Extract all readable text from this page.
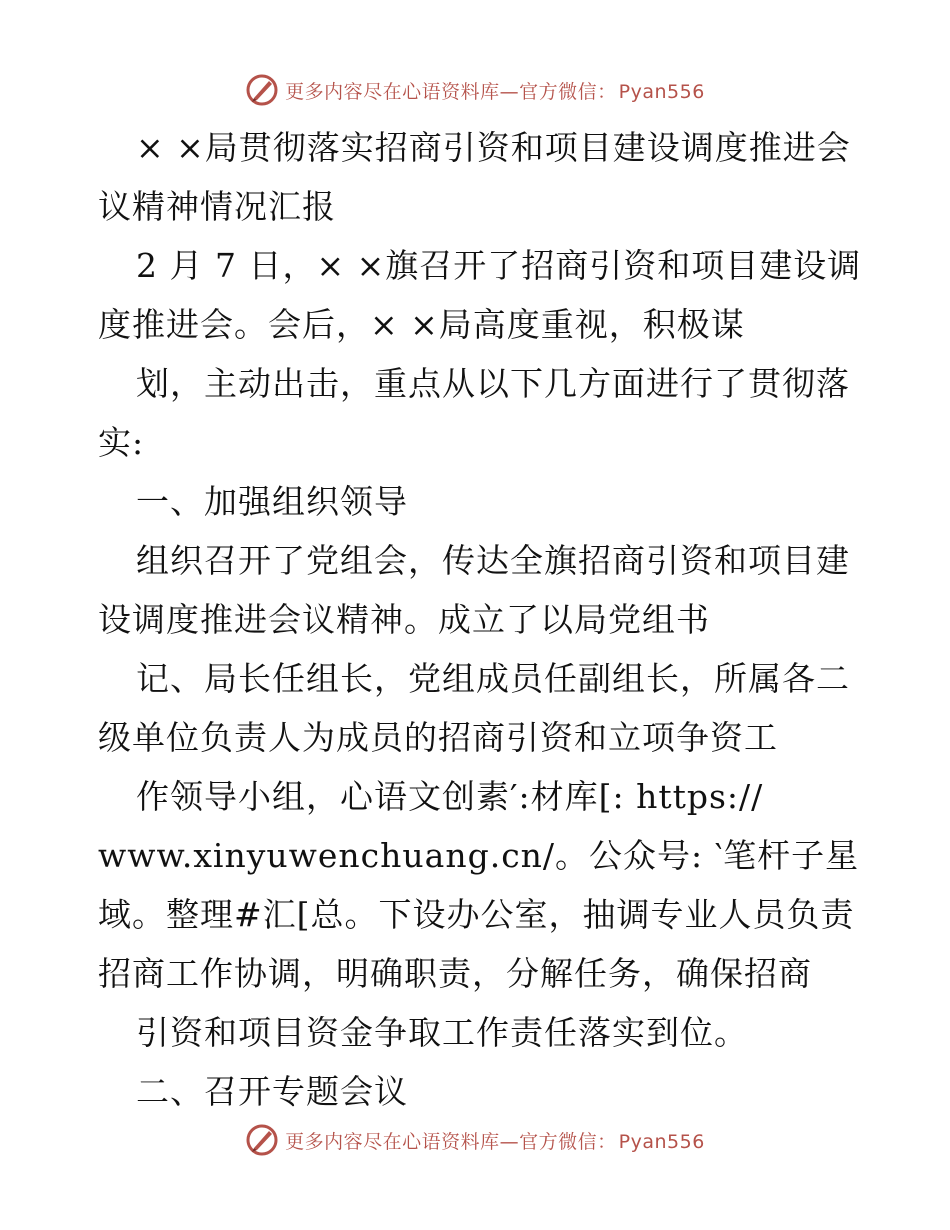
更多内容尽在心语资料库—官方微信： Pyan556
× ×局贯彻落实招商引资和项目建设调度推进会
议精神情况汇报
2 月 7 日，× ×旗召开了招商引资和项目建设调
度推进会。会后，× ×局高度重视，积极谋
划，主动出击，重点从以下几方面进行了贯彻落
实:
一、加强组织领导
组织召开了党组会，传达全旗招商引资和项目建
设调度推进会议精神。成立了以局党组书
记、局长任组长，党组成员任副组长，所属各二
级单位负责人为成员的招商引资和立项争资工
作领导小组，心语文创素′:材库[: https://
www.xinyuwenchuang.cn/。公众号: ‵笔杆子星
域。整理#汇[总。下设办公室，抽调专业人员负责
招商工作协调，明确职责，分解任务，确保招商
引资和项目资金争取工作责任落实到位。
二、召开专题会议
更多内容尽在心语资料库—官方微信： Pyan556
